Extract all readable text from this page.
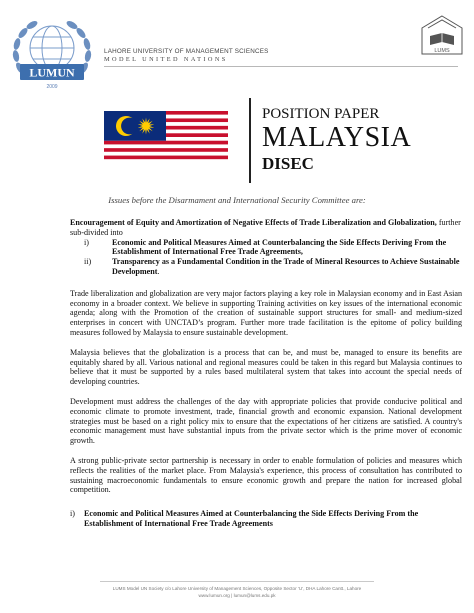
LUMUN
2009
LAHORE UNIVERSITY OF MANAGEMENT SCIENCES
MODEL UNITED NATIONS
LUMS
POSITION PAPER
MALAYSIA
DISEC
Issues before the Disarmament and International Security Committee are:
Encouragement of Equity and Amortization of Negative Effects of Trade Liberalization and Globalization, further sub-divided into
i)	Economic and Political Measures Aimed at Counterbalancing the Side Effects Deriving From the Establishment of International Free Trade Agreements,
ii)	Transparency as a Fundamental Condition in the Trade of Mineral Resources to Achieve Sustainable Development.
Trade liberalization and globalization are very major factors playing a key role in Malaysian economy and in East Asian economy in a broader context. We believe in supporting Training activities on key issues of the international economic agenda; along with the Promotion of the creation of sustainable support structures for small- and medium-sized enterprises in concert with UNCTAD’s program. Further more trade facilitation is the epitome of policy building measures followed by Malaysia to ensure sustainable development.
Malaysia believes that the globalization is a process that can be, and must be, managed to ensure its benefits are equitably shared by all. Various national and regional measures could be taken in this regard but Malaysia continues to believe that it must be supported by a rules based multilateral system that takes into account the special needs of developing countries.
Development must address the challenges of the day with appropriate policies that provide conducive political and economic climate to promote investment, trade, financial growth and economic expansion. National development strategies must be based on a right policy mix to ensure that the expectations of her citizens are satisfied. A country's economic management must have substantial inputs from the private sector which is the prime mover of economic growth.
A strong public-private sector partnership is necessary in order to enable formulation of policies and measures which reflects the realities of the market place. From Malaysia's experience, this process of consultation has contributed to sustaining macroeconomic fundamentals to ensure economic growth and prepare the nation for increased global competition.
i)	Economic and Political Measures Aimed at Counterbalancing the Side Effects Deriving From the Establishment of International Free Trade Agreements
LUMS Model UN Society c/o Lahore University of Management Sciences, Opposite Sector ‘U’, DHA Lahore Cantt., Lahore
www.lumun.org | lumun@lums.edu.pk
